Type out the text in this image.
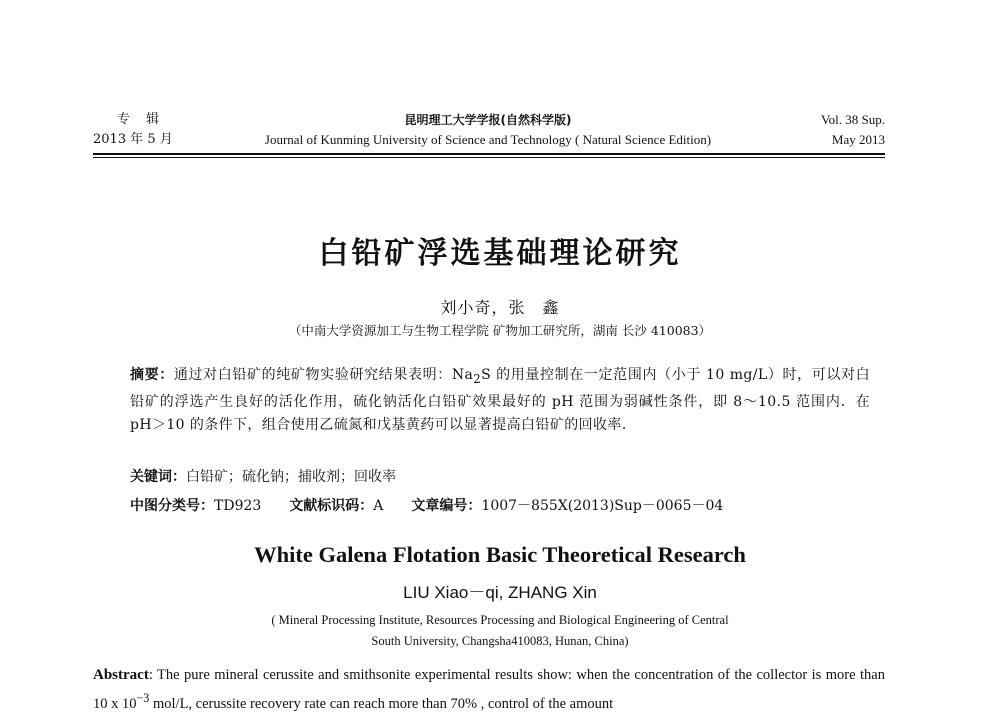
专 辑
2013 年 5 月
昆明理工大学学报(自然科学版)
Journal of Kunming University of Science and Technology ( Natural Science Edition)
Vol. 38 Sup.
May 2013
白铅矿浮选基础理论研究
刘小奇，张　鑫
（中南大学资源加工与生物工程学院 矿物加工研究所，湖南 长沙 410083）
摘要：通过对白铅矿的纯矿物实验研究结果表明：$Na_2S$ 的用量控制在一定范围内（小于 10 mg/L）时，可以对白铅矿的浮选产生良好的活化作用，硫化钠活化白铅矿效果最好的 pH 范围为弱碱性条件，即 8～10.5 范围内．在 pH＞10 的条件下，组合使用乙硫氮和戊基黄药可以显著提高白铅矿的回收率．
关键词：白铅矿；硫化钠；捕收剂；回收率
中图分类号：TD923 文献标识码：A 文章编号：1007－855X(2013)Sup－0065－04
White Galena Flotation Basic Theoretical Research
LIU Xiao－qi, ZHANG Xin
( Mineral Processing Institute, Resources Processing and Biological Engineering of Central
South University, Changsha410083, Hunan, China)
Abstract: The pure mineral cerussite and smithsonite experimental results show: when the concentration of the collector is more than 10 x $10^{-3}$ mol/L, cerussite recovery rate can reach more than 70% , control of the amount
